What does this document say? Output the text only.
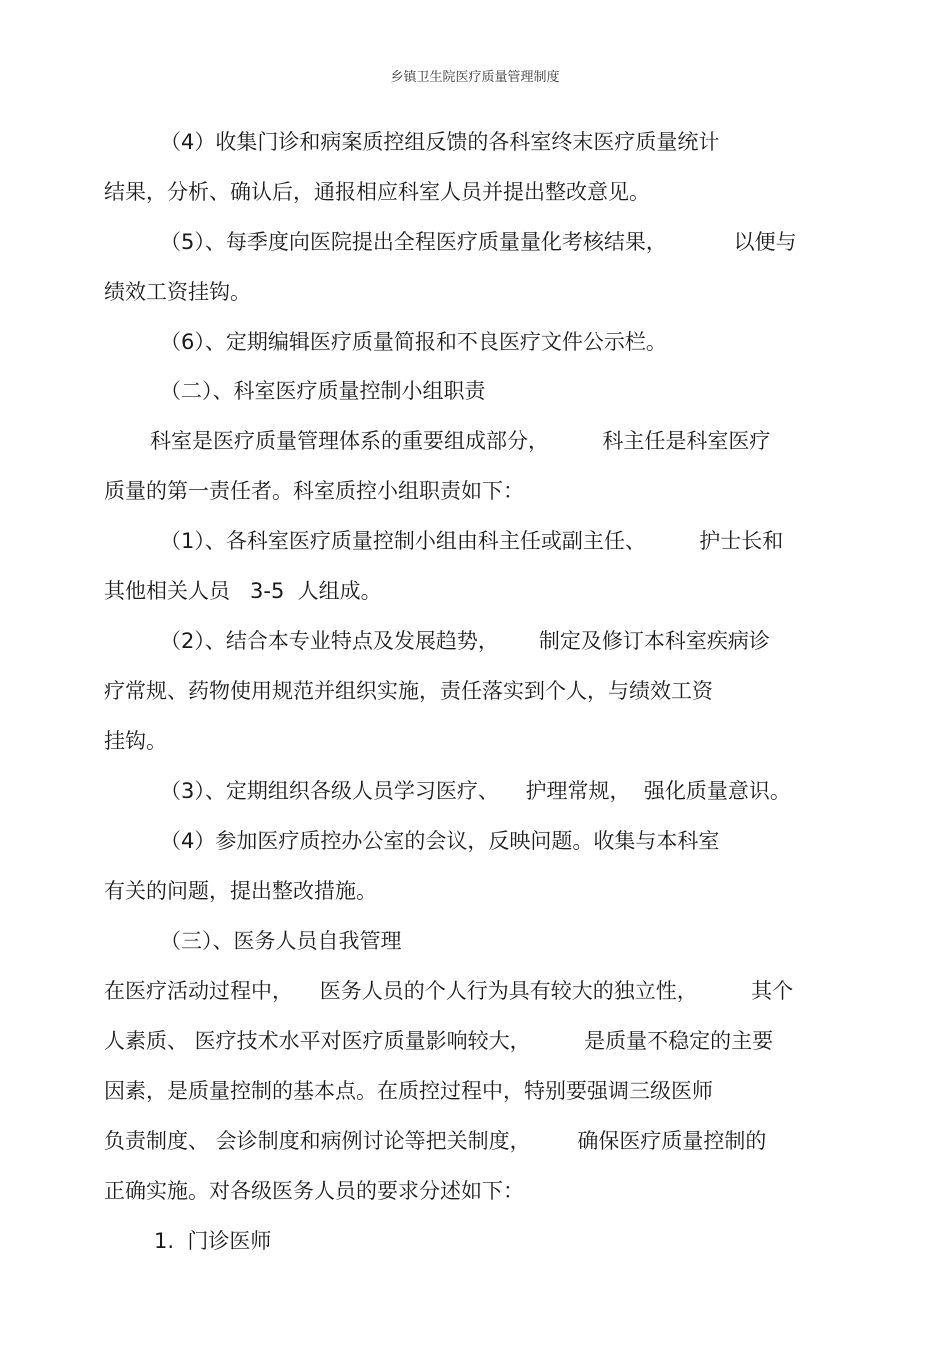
乡镇卫生院医疗质量管理制度
（4）收集门诊和病案质控组反馈的各科室终末医疗质量统计
结果，分析、确认后，通报相应科室人员并提出整改意见。
（5）、每季度向医院提出全程医疗质量量化考核结果，          以便与
绩效工资挂钩。
（6）、定期编辑医疗质量简报和不良医疗文件公示栏。
（二）、科室医疗质量控制小组职责
科室是医疗质量管理体系的重要组成部分，        科主任是科室医疗
质量的第一责任者。科室质控小组职责如下：
（1）、各科室医疗质量控制小组由科主任或副主任、        护士长和
其他相关人员   3-5  人组成。
（2）、结合本专业特点及发展趋势，      制定及修订本科室疾病诊
疗常规、药物使用规范并组织实施，责任落实到个人，与绩效工资
挂钩。
（3）、定期组织各级人员学习医疗、    护理常规，  强化质量意识。
（4）参加医疗质控办公室的会议，反映问题。收集与本科室
有关的问题，提出整改措施。
（三）、医务人员自我管理
在医疗活动过程中，    医务人员的个人行为具有较大的独立性，        其个
人素质、 医疗技术水平对医疗质量影响较大，        是质量不稳定的主要
因素，是质量控制的基本点。在质控过程中，特别要强调三级医师
负责制度、 会诊制度和病例讨论等把关制度，       确保医疗质量控制的
正确实施。对各级医务人员的要求分述如下：
1.  门诊医师
